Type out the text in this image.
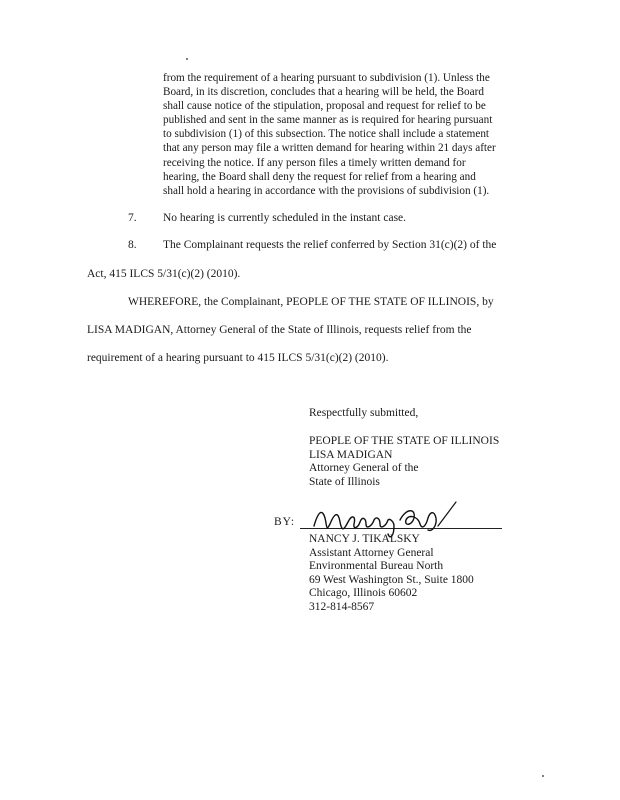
from the requirement of a hearing pursuant to subdivision (1). Unless the
Board, in its discretion, concludes that a hearing will be held, the Board
shall cause notice of the stipulation, proposal and request for relief to be
published and sent in the same manner as is required for hearing pursuant
to subdivision (1) of this subsection. The notice shall include a statement
that any person may file a written demand for hearing within 21 days after
receiving the notice. If any person files a timely written demand for
hearing, the Board shall deny the request for relief from a hearing and
shall hold a hearing in accordance with the provisions of subdivision (1).
7. No hearing is currently scheduled in the instant case.
8. The Complainant requests the relief conferred by Section 31(c)(2) of the
Act, 415 ILCS 5/31(c)(2) (2010).
WHEREFORE, the Complainant, PEOPLE OF THE STATE OF ILLINOIS, by
LISA MADIGAN, Attorney General of the State of Illinois, requests relief from the
requirement of a hearing pursuant to 415 ILCS 5/31(c)(2) (2010).
Respectfully submitted,
PEOPLE OF THE STATE OF ILLINOIS
LISA MADIGAN
Attorney General of the
State of Illinois
BY:
NANCY J. TIKALSKY
Assistant Attorney General
Environmental Bureau North
69 West Washington St., Suite 1800
Chicago, Illinois 60602
312-814-8567
